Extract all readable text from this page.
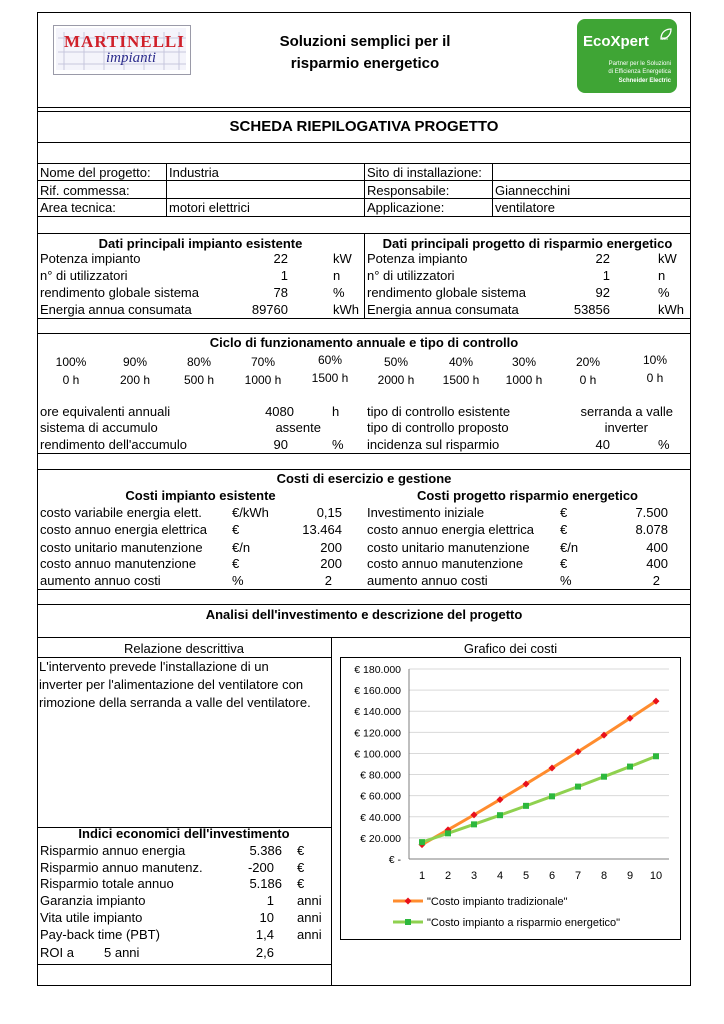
MARTINELLI
impianti
Soluzioni semplici per il
risparmio energetico
EcoXpert ™
Partner per le Soluzioni
di Efficienza Energetica
Schneider Electric
SCHEDA RIEPILOGATIVA PROGETTO
Nome del progetto: Industria	Sito di installazione:
Rif. commessa:	Responsabile:	Giannecchini
Area tecnica:	motori elettrici	Applicazione:	ventilatore
Dati principali impianto esistente	Dati principali progetto di risparmio energetico
Potenza impianto	22	kW
n° di utilizzatori	1	n
rendimento globale sistema	78	%
Energia annua consumata	89760	kWh
Potenza impianto	22	kW
n° di utilizzatori	1	n
rendimento globale sistema	92	%
Energia annua consumata	53856	kWh
Ciclo di funzionamento annuale e tipo di controllo
100%	90%	80%	70%	60%	50%	40%	30%	20%	10%
0 h	200 h	500 h	1000 h	1500 h	2000 h	1500 h	1000 h	0 h	0 h
ore equivalenti annuali	4080	h
sistema di accumulo	assente
rendimento dell'accumulo	90	%
tipo di controllo esistente	serranda a valle
tipo di controllo proposto	inverter
incidenza sul risparmio	40	%
Costi di esercizio e gestione
Costi impianto esistente	Costi progetto risparmio energetico
costo variabile energia elett. €/kWh	0,15
costo annuo energia elettrica €	13.464
costo unitario manutenzione €/n	200
costo annuo manutenzione	€	200
aumento annuo costi	%	2
Investimento iniziale	€	7.500
costo annuo energia elettrica €	8.078
costo unitario manutenzione €/n	400
costo annuo manutenzione	€	400
aumento annuo costi	%	2
Analisi dell'investimento e descrizione del progetto
Relazione descrittiva
L'intervento prevede l'installazione di un
inverter per l'alimentazione del ventilatore con
rimozione della serranda a valle del ventilatore.
Indici economici dell'investimento
Risparmio annuo energia	5.386 €
Risparmio annuo manutenz.	-200 €
Risparmio totale annuo	5.186 €
Garanzia impianto	1 anni
Vita utile impianto	10 anni
Pay-back time (PBT)	1,4 anni
ROI a 5 anni	2,6
Grafico dei costi
€ -
€ 20.000
€ 40.000
€ 60.000
€ 80.000
€ 100.000
€ 120.000
€ 140.000
€ 160.000
€ 180.000
1 2 3 4 5 6 7 8 9 10
"Costo impianto tradizionale"
"Costo impianto a risparmio energetico"
